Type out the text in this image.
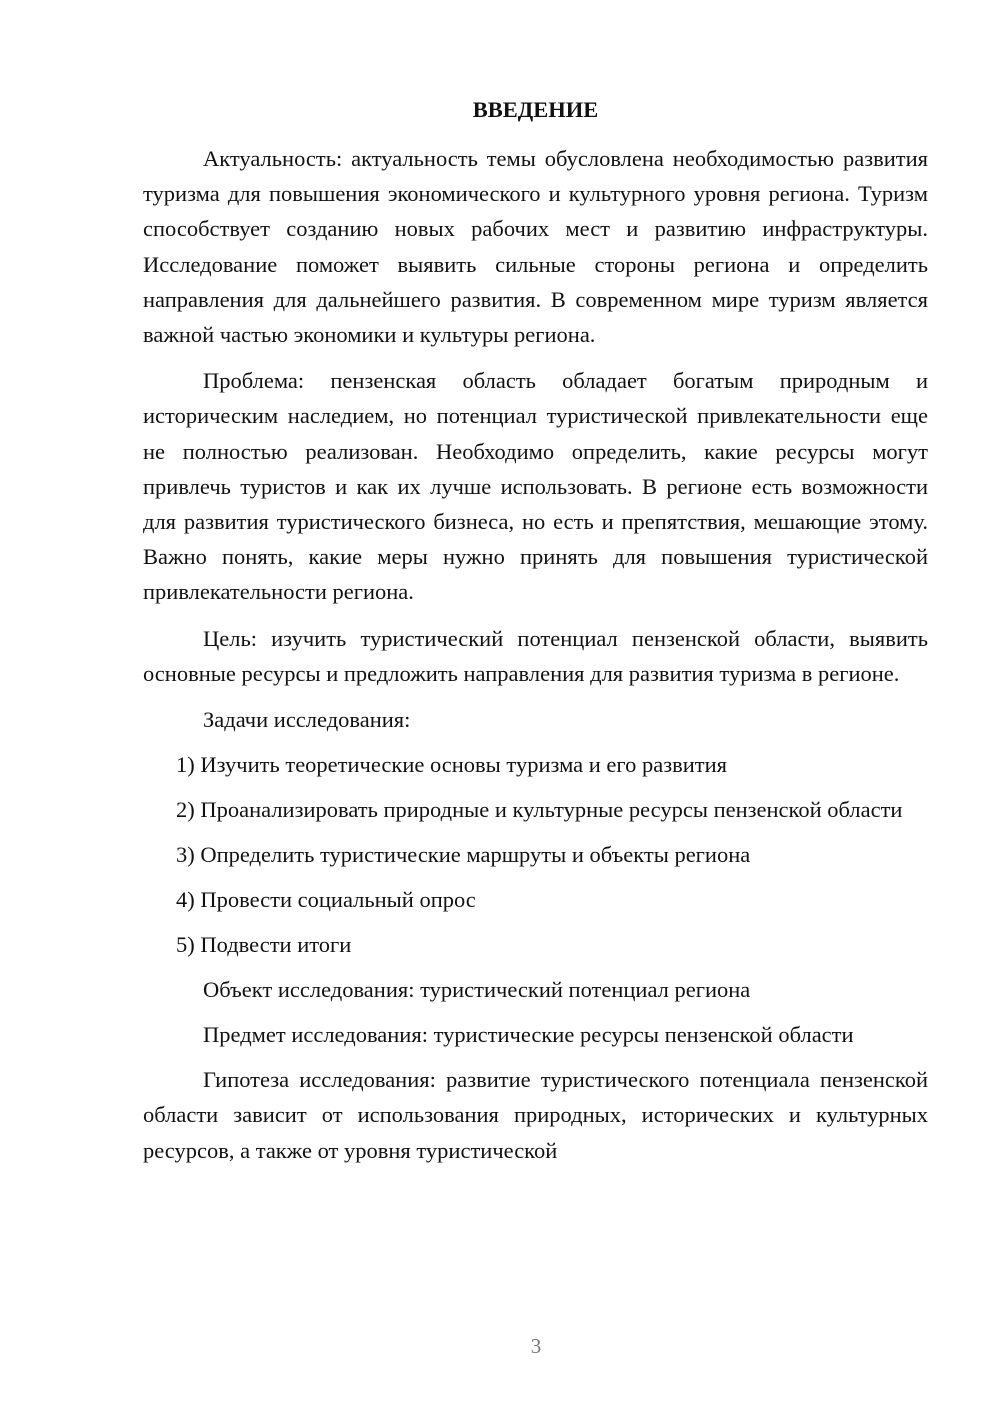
ВВЕДЕНИЕ

Актуальность: актуальность темы обусловлена необходимостью развития туризма для повышения экономического и культурного уровня региона. Туризм способствует созданию новых рабочих мест и развитию инфраструктуры. Исследование поможет выявить сильные стороны региона и определить направления для дальнейшего развития. В современном мире туризм является важной частью экономики и культуры региона.

Проблема: пензенская область обладает богатым природным и историческим наследием, но потенциал туристической привлекательности еще не полностью реализован. Необходимо определить, какие ресурсы могут привлечь туристов и как их лучше использовать. В регионе есть возможности для развития туристического бизнеса, но есть и препятствия, мешающие этому. Важно понять, какие меры нужно принять для повышения туристической привлекательности региона.

Цель: изучить туристический потенциал пензенской области, выявить основные ресурсы и предложить направления для развития туризма в регионе.

Задачи исследования:

1) Изучить теоретические основы туризма и его развития

2) Проанализировать природные и культурные ресурсы пензенской области

3) Определить туристические маршруты и объекты региона

4) Провести социальный опрос

5) Подвести итоги

Объект исследования: туристический потенциал региона

Предмет исследования: туристические ресурсы пензенской области

Гипотеза исследования: развитие туристического потенциала пензенской области зависит от использования природных, исторических и культурных ресурсов, а также от уровня туристической

3
